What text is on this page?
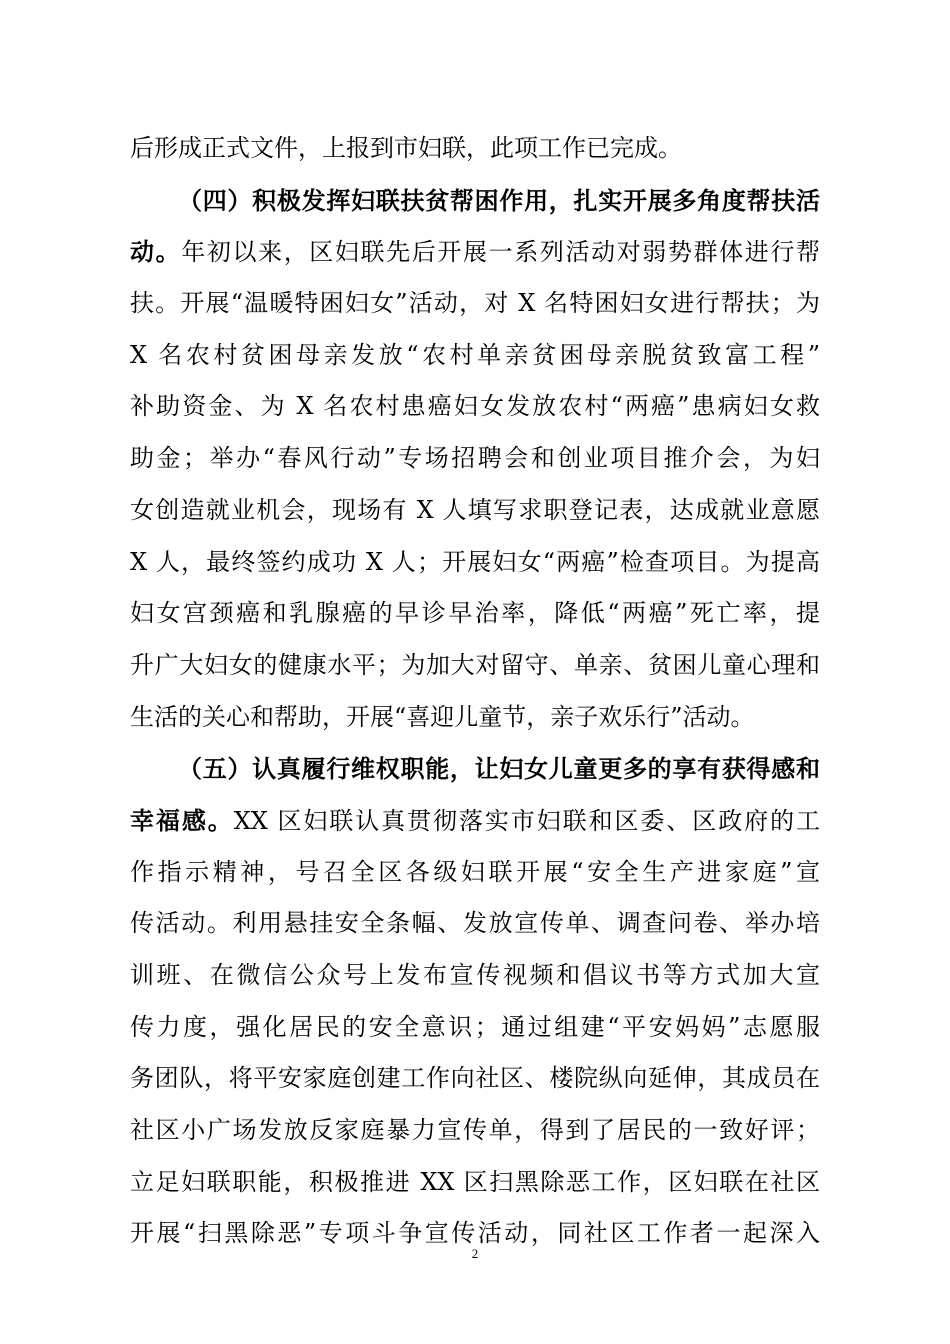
后形成正式文件，上报到市妇联，此项工作已完成。
（四）积极发挥妇联扶贫帮困作用，扎实开展多角度帮扶活
动。年初以来，区妇联先后开展一系列活动对弱势群体进行帮
扶。开展“温暖特困妇女”活动，对 X 名特困妇女进行帮扶；为
X 名农村贫困母亲发放“农村单亲贫困母亲脱贫致富工程”
补助资金、为 X 名农村患癌妇女发放农村“两癌”患病妇女救
助金；举办“春风行动”专场招聘会和创业项目推介会，为妇
女创造就业机会，现场有 X 人填写求职登记表，达成就业意愿
X 人，最终签约成功 X 人；开展妇女“两癌”检查项目。为提高
妇女宫颈癌和乳腺癌的早诊早治率，降低“两癌”死亡率，提
升广大妇女的健康水平；为加大对留守、单亲、贫困儿童心理和
生活的关心和帮助，开展“喜迎儿童节，亲子欢乐行”活动。
（五）认真履行维权职能，让妇女儿童更多的享有获得感和
幸福感。XX 区妇联认真贯彻落实市妇联和区委、区政府的工
作指示精神，号召全区各级妇联开展“安全生产进家庭”宣
传活动。利用悬挂安全条幅、发放宣传单、调查问卷、举办培
训班、在微信公众号上发布宣传视频和倡议书等方式加大宣
传力度，强化居民的安全意识；通过组建“平安妈妈”志愿服
务团队，将平安家庭创建工作向社区、楼院纵向延伸，其成员在
社区小广场发放反家庭暴力宣传单，得到了居民的一致好评；
立足妇联职能，积极推进 XX 区扫黑除恶工作，区妇联在社区
开展“扫黑除恶”专项斗争宣传活动，同社区工作者一起深入
2
